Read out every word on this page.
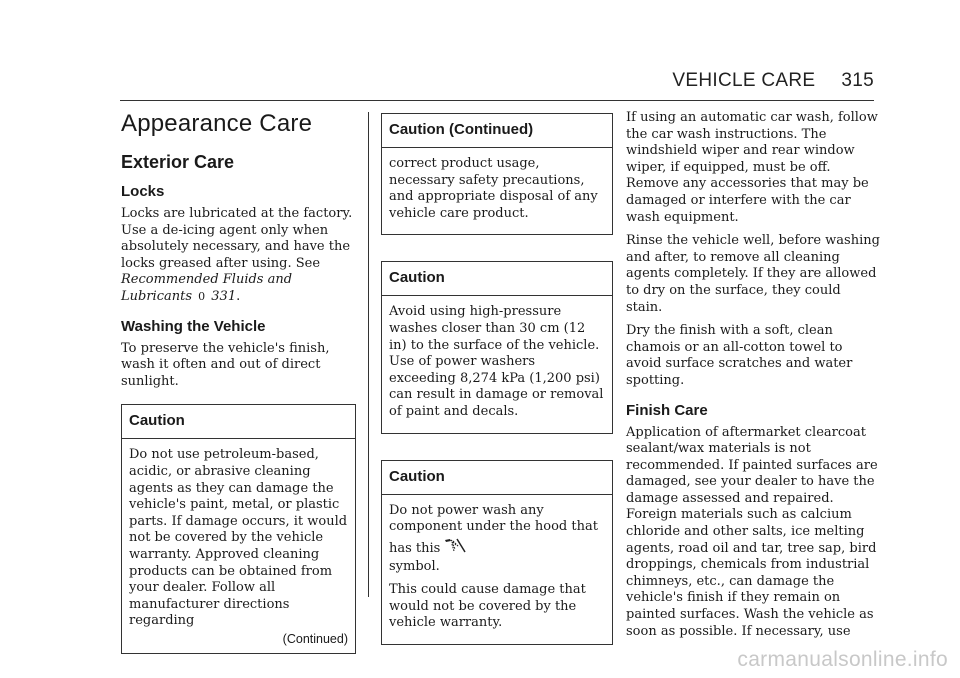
VEHICLE CARE 315
Appearance Care
Exterior Care
Locks

Locks are lubricated at the factory. Use a de-icing agent only when absolutely necessary, and have the locks greased after using. See Recommended Fluids and Lubricants 0 331.

Washing the Vehicle

To preserve the vehicle's finish, wash it often and out of direct sunlight.

Caution

Do not use petroleum-based, acidic, or abrasive cleaning agents as they can damage the vehicle's paint, metal, or plastic parts. If damage occurs, it would not be covered by the vehicle warranty. Approved cleaning products can be obtained from your dealer. Follow all manufacturer directions regarding

(Continued)
Caution (Continued)

correct product usage, necessary safety precautions, and appropriate disposal of any vehicle care product.

Caution

Avoid using high-pressure washes closer than 30 cm (12 in) to the surface of the vehicle. Use of power washers exceeding 8,274 kPa (1,200 psi) can result in damage or removal of paint and decals.

Caution

Do not power wash any component under the hood that has this
symbol.

This could cause damage that would not be covered by the vehicle warranty.

If using an automatic car wash, follow the car wash instructions. The windshield wiper and rear window wiper, if equipped, must be off. Remove any accessories that may be damaged or interfere with the car wash equipment.

Rinse the vehicle well, before washing and after, to remove all cleaning agents completely. If they are allowed to dry on the surface, they could stain.

Dry the finish with a soft, clean chamois or an all-cotton towel to avoid surface scratches and water spotting.

Finish Care

Application of aftermarket clearcoat sealant/wax materials is not recommended. If painted surfaces are damaged, see your dealer to have the damage assessed and repaired. Foreign materials such as calcium chloride and other salts, ice melting agents, road oil and tar, tree sap, bird droppings, chemicals from industrial chimneys, etc., can damage the vehicle's finish if they remain on painted surfaces. Wash the vehicle as soon as possible. If necessary, use

carmanualsonline.info
